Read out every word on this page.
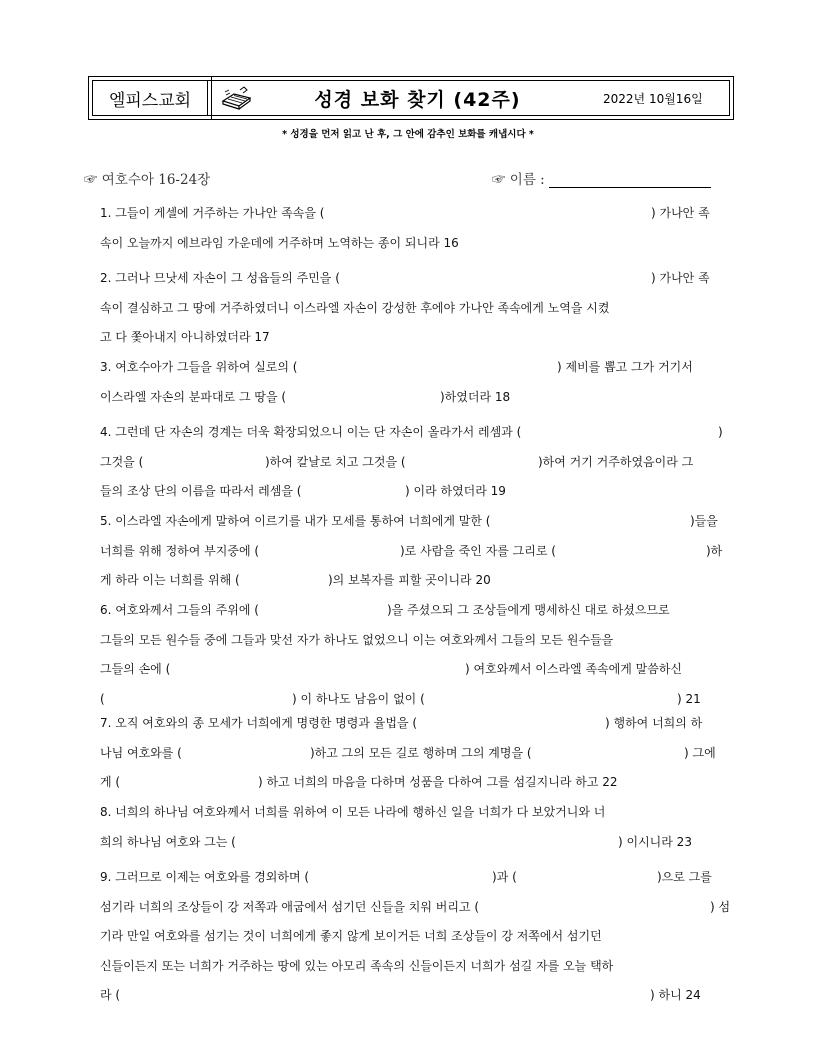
엘피스교회	성경 보화 찾기 (42주)	2022년 10월16일
* 성경을 먼저 읽고 난 후, 그 안에 감추인 보화를 캐냅시다 *
☞ 여호수아 16-24장	☞ 이름 :
1. 그들이 게셀에 거주하는 가나안 족속을 (	) 가나안 족
속이 오늘까지 에브라임 가운데에 거주하며 노역하는 종이 되니라 16
2. 그러나 므낫세 자손이 그 성읍들의 주민을 (	) 가나안 족
속이 결심하고 그 땅에 거주하였더니 이스라엘 자손이 강성한 후에야 가나안 족속에게 노역을 시켰
고 다 쫓아내지 아니하였더라 17
3. 여호수아가 그들을 위하여 실로의 (	) 제비를 뽑고 그가 거기서
이스라엘 자손의 분파대로 그 땅을 (	)하였더라 18
4. 그런데 단 자손의 경계는 더욱 확장되었으니 이는 단 자손이 올라가서 레셈과 (	)
그것을 (	)하여 칼날로 치고 그것을 (	)하여 거기 거주하였음이라 그
들의 조상 단의 이름을 따라서 레셈을 (	) 이라 하였더라 19
5. 이스라엘 자손에게 말하여 이르기를 내가 모세를 통하여 너희에게 말한 (	)들을
너희를 위해 정하여 부지중에 (	)로 사람을 죽인 자를 그리로 (	)하
게 하라 이는 너희를 위해 (	)의 보복자를 피할 곳이니라 20
6. 여호와께서 그들의 주위에 (	)을 주셨으되 그 조상들에게 맹세하신 대로 하셨으므로
그들의 모든 원수들 중에 그들과 맞선 자가 하나도 없었으니 이는 여호와께서 그들의 모든 원수들을
그들의 손에 (	) 여호와께서 이스라엘 족속에게 말씀하신
(	) 이 하나도 남음이 없이 (	) 21
7. 오직 여호와의 종 모세가 너희에게 명령한 명령과 율법을 (	) 행하여 너희의 하
나님 여호와를 (	)하고 그의 모든 길로 행하며 그의 계명을 (	) 그에
게 (	) 하고 너희의 마음을 다하며 성품을 다하여 그를 섬길지니라 하고 22
8. 너희의 하나님 여호와께서 너희를 위하여 이 모든 나라에 행하신 일을 너희가 다 보았거니와 너
희의 하나님 여호와 그는 (	) 이시니라 23
9. 그러므로 이제는 여호와를 경외하며 (	)과 (	)으로 그를
섬기라 너희의 조상들이 강 저쪽과 애굽에서 섬기던 신들을 치워 버리고 (	) 섬
기라 만일 여호와를 섬기는 것이 너희에게 좋지 않게 보이거든 너희 조상들이 강 저쪽에서 섬기던
신들이든지 또는 너희가 거주하는 땅에 있는 아모리 족속의 신들이든지 너희가 섬길 자를 오늘 택하
라 (	) 하니 24
